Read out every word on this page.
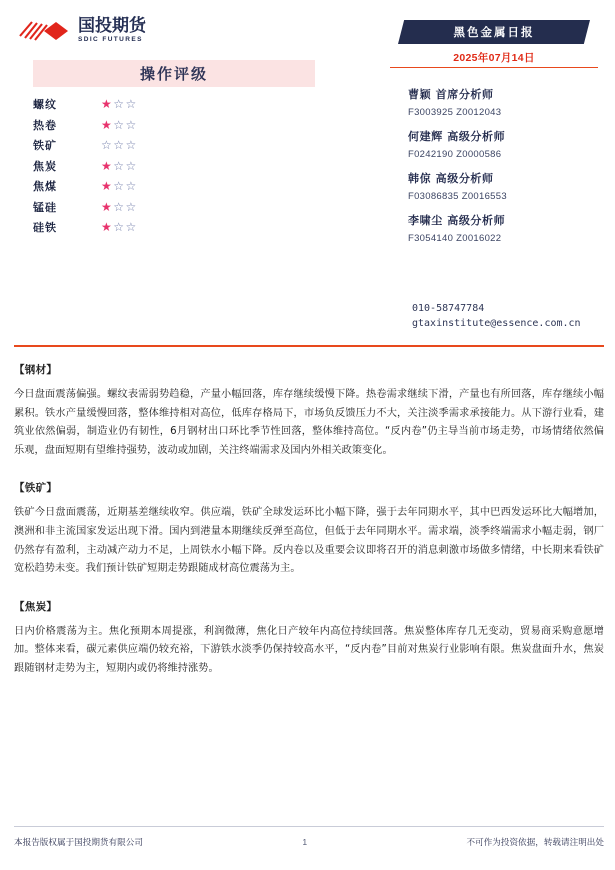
国投期货
SDIC FUTURES
操作评级
螺纹	★☆☆
热卷	★☆☆
铁矿	☆☆☆
焦炭	★☆☆
焦煤	★☆☆
锰硅	★☆☆
硅铁	★☆☆
黑色金属日报
2025年07月14日
曹颖 首席分析师
F3003925 Z0012043
何建辉 高级分析师
F0242190 Z0000586
韩倞 高级分析师
F03086835 Z0016553
李啸尘 高级分析师
F3054140 Z0016022
010-58747784
gtaxinstitute@essence.com.cn
【钢材】
今日盘面震荡偏强。螺纹表需弱势趋稳，产量小幅回落，库存继续缓慢下降。热卷需求继续下滑，产量也有所回落，库存继续小幅累积。铁水产量缓慢回落，整体维持相对高位，低库存格局下，市场负反馈压力不大，关注淡季需求承接能力。从下游行业看，建筑业依然偏弱，制造业仍有韧性，6月钢材出口环比季节性回落，整体维持高位。“反内卷”仍主导当前市场走势，市场情绪依然偏乐观，盘面短期有望维持强势，波动或加剧，关注终端需求及国内外相关政策变化。
【铁矿】
铁矿今日盘面震荡，近期基差继续收窄。供应端，铁矿全球发运环比小幅下降，强于去年同期水平，其中巴西发运环比大幅增加，澳洲和非主流国家发运出现下滑。国内到港量本期继续反弹至高位，但低于去年同期水平。需求端，淡季终端需求小幅走弱，钢厂仍然存有盈利，主动减产动力不足，上周铁水小幅下降。反内卷以及重要会议即将召开的消息刺激市场做多情绪，中长期来看铁矿宽松趋势未变。我们预计铁矿短期走势跟随成材高位震荡为主。
【焦炭】
日内价格震荡为主。焦化预期本周提涨，利润微薄，焦化日产较年内高位持续回落。焦炭整体库存几无变动，贸易商采购意愿增加。整体来看，碳元素供应端仍较充裕，下游铁水淡季仍保持较高水平，“反内卷”目前对焦炭行业影响有限。焦炭盘面升水，焦炭跟随钢材走势为主，短期内或仍将维持涨势。
本报告版权属于国投期货有限公司	1	不可作为投资依据，转载请注明出处
